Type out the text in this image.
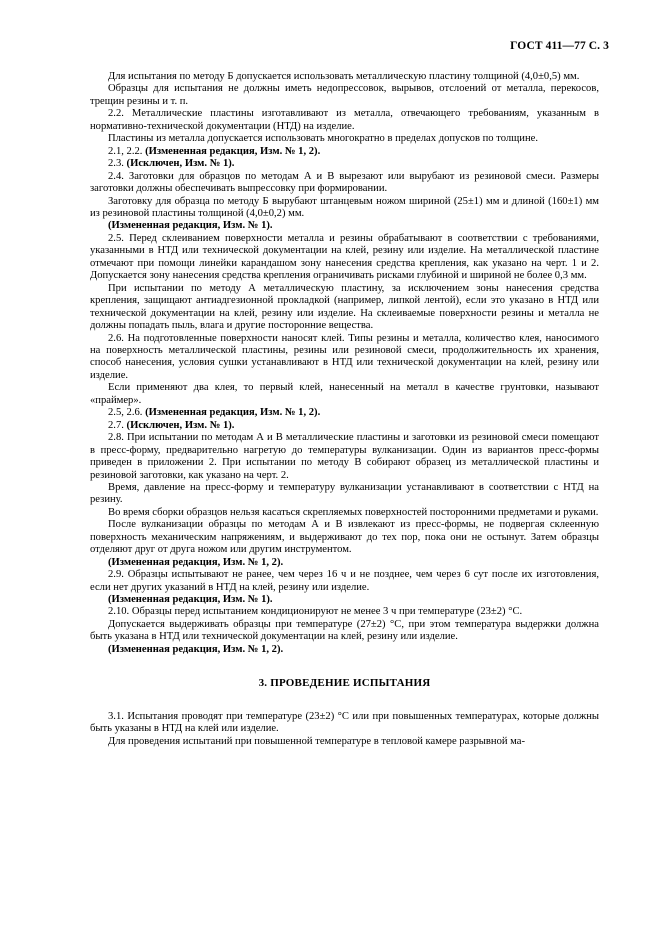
ГОСТ 411—77 С. 3

Для испытания по методу Б допускается использовать металлическую пластину толщиной (4,0±0,5) мм.

Образцы для испытания не должны иметь недопрессовок, вырывов, отслоений от металла, перекосов, трещин резины и т. п.

2.2. Металлические пластины изготавливают из металла, отвечающего требованиям, указанным в нормативно-технической документации (НТД) на изделие.

Пластины из металла допускается использовать многократно в пределах допусков по толщине.

2.1, 2.2. (Измененная редакция, Изм. № 1, 2).

2.3. (Исключен, Изм. № 1).

2.4. Заготовки для образцов по методам А и В вырезают или вырубают из резиновой смеси. Размеры заготовки должны обеспечивать выпрессовку при формировании.

Заготовку для образца по методу Б вырубают штанцевым ножом шириной (25±1) мм и длиной (160±1) мм из резиновой пластины толщиной (4,0±0,2) мм.

(Измененная редакция, Изм. № 1).

2.5. Перед склеиванием поверхности металла и резины обрабатывают в соответствии с требованиями, указанными в НТД или технической документации на клей, резину или изделие. На металлической пластине отмечают при помощи линейки карандашом зону нанесения средства крепления, как указано на черт. 1 и 2. Допускается зону нанесения средства крепления ограничивать рисками глубиной и шириной не более 0,3 мм.

При испытании по методу А металлическую пластину, за исключением зоны нанесения средства крепления, защищают антиадгезионной прокладкой (например, липкой лентой), если это указано в НТД или технической документации на клей, резину или изделие. На склеиваемые поверхности резины и металла не должны попадать пыль, влага и другие посторонние вещества.

2.6. На подготовленные поверхности наносят клей. Типы резины и металла, количество клея, наносимого на поверхность металлической пластины, резины или резиновой смеси, продолжительность их хранения, способ нанесения, условия сушки устанавливают в НТД или технической документации на клей, резину или изделие.

Если применяют два клея, то первый клей, нанесенный на металл в качестве грунтовки, называют «праймер».

2.5, 2.6. (Измененная редакция, Изм. № 1, 2).

2.7. (Исключен, Изм. № 1).

2.8. При испытании по методам А и В металлические пластины и заготовки из резиновой смеси помещают в пресс-форму, предварительно нагретую до температуры вулканизации. Один из вариантов пресс-формы приведен в приложении 2. При испытании по методу В собирают образец из металлической пластины и резиновой заготовки, как указано на черт. 2.

Время, давление на пресс-форму и температуру вулканизации устанавливают в соответствии с НТД на резину.

Во время сборки образцов нельзя касаться скрепляемых поверхностей посторонними предметами и руками.

После вулканизации образцы по методам А и В извлекают из пресс-формы, не подвергая склеенную поверхность механическим напряжениям, и выдерживают до тех пор, пока они не остынут. Затем образцы отделяют друг от друга ножом или другим инструментом.

(Измененная редакция, Изм. № 1, 2).

2.9. Образцы испытывают не ранее, чем через 16 ч и не позднее, чем через 6 сут после их изготовления, если нет других указаний в НТД на клей, резину или изделие.

(Измененная редакция, Изм. № 1).

2.10. Образцы перед испытанием кондиционируют не менее 3 ч при температуре (23±2) °С.

Допускается выдерживать образцы при температуре (27±2) °С, при этом температура выдержки должна быть указана в НТД или технической документации на клей, резину или изделие.

(Измененная редакция, Изм. № 1, 2).

3. ПРОВЕДЕНИЕ ИСПЫТАНИЯ

3.1. Испытания проводят при температуре (23±2) °С или при повышенных температурах, которые должны быть указаны в НТД на клей или изделие.

Для проведения испытаний при повышенной температуре в тепловой камере разрывной ма-
